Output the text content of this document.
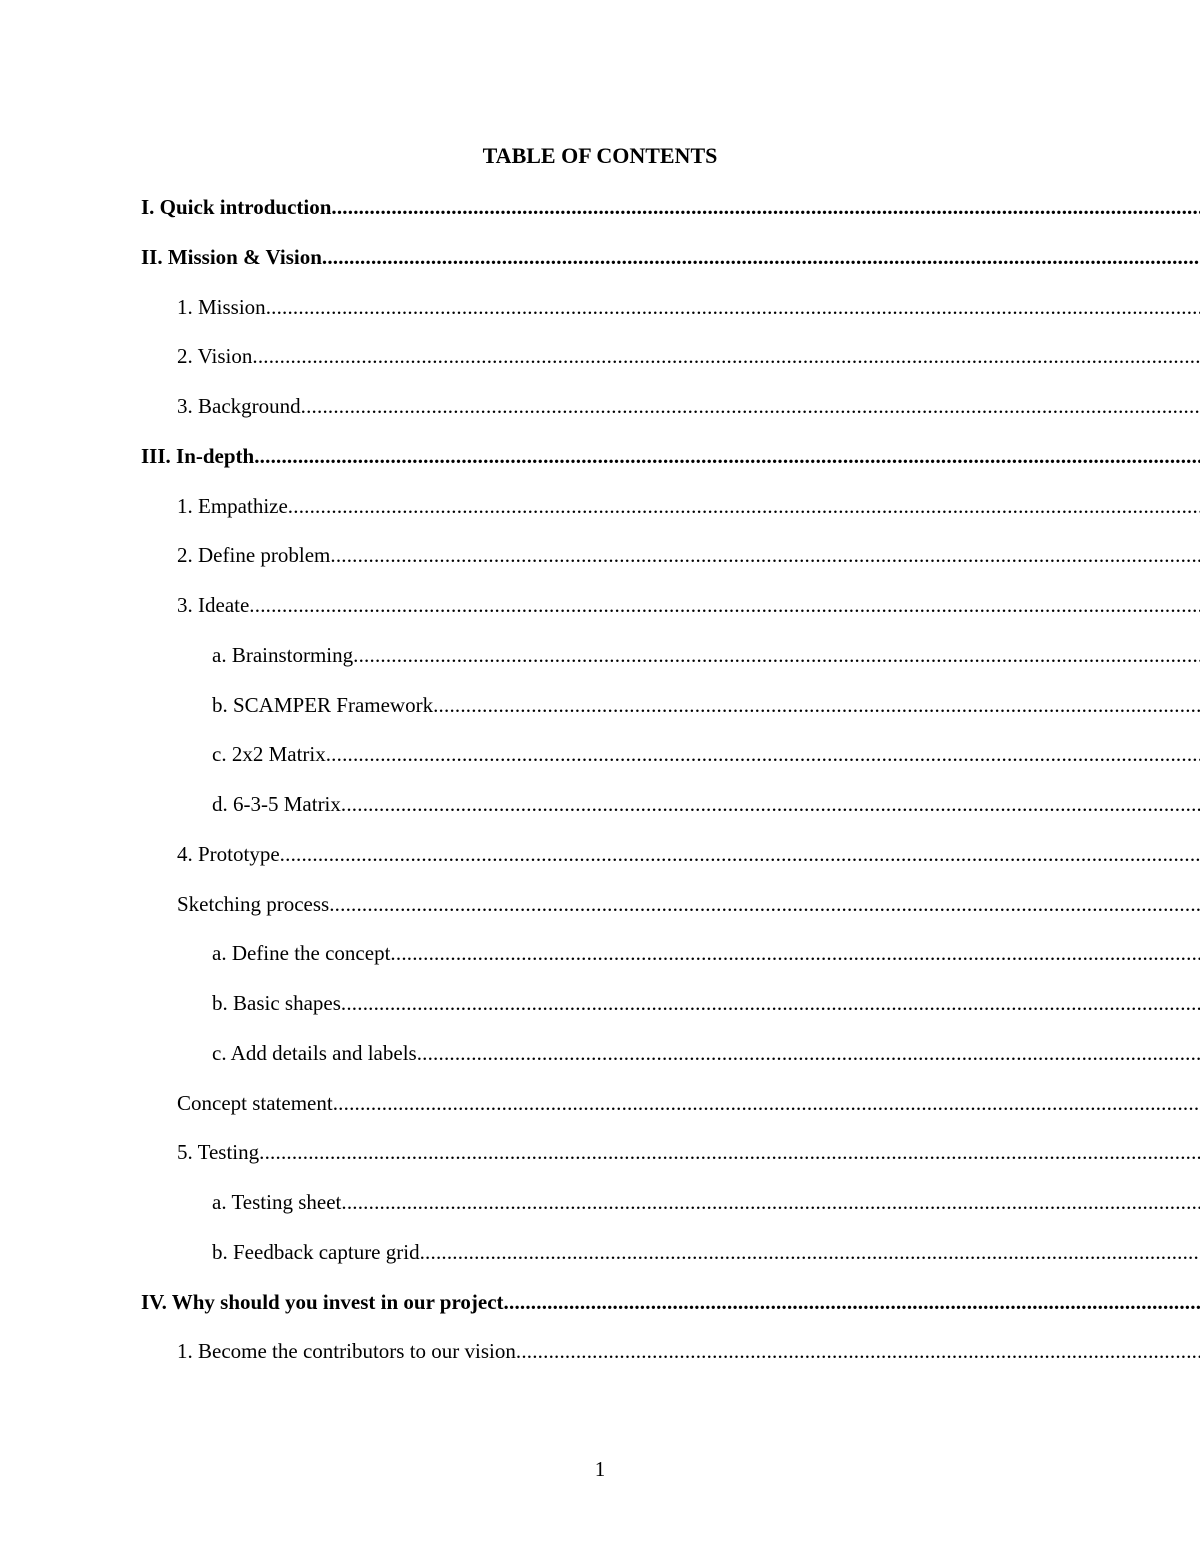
TABLE OF CONTENTS
I. Quick introduction
.....
II. Mission & Vision
.....
1. Mission
.....
2. Vision
.....
3. Background
.....
III. In-depth
.....
1. Empathize
.....
2. Define problem
.....
3. Ideate
.....
a. Brainstorming
.....
b. SCAMPER Framework
.....
c. 2x2 Matrix
.....
d. 6-3-5 Matrix
.....
4. Prototype
.....
Sketching process
.....
a. Define the concept
.....
b. Basic shapes
.....
c. Add details and labels
.....
Concept statement
.....
5. Testing
.....
a. Testing sheet
.....
b. Feedback capture grid
.....
IV. Why should you invest in our project
.....
1. Become the contributors to our vision
.....
1
